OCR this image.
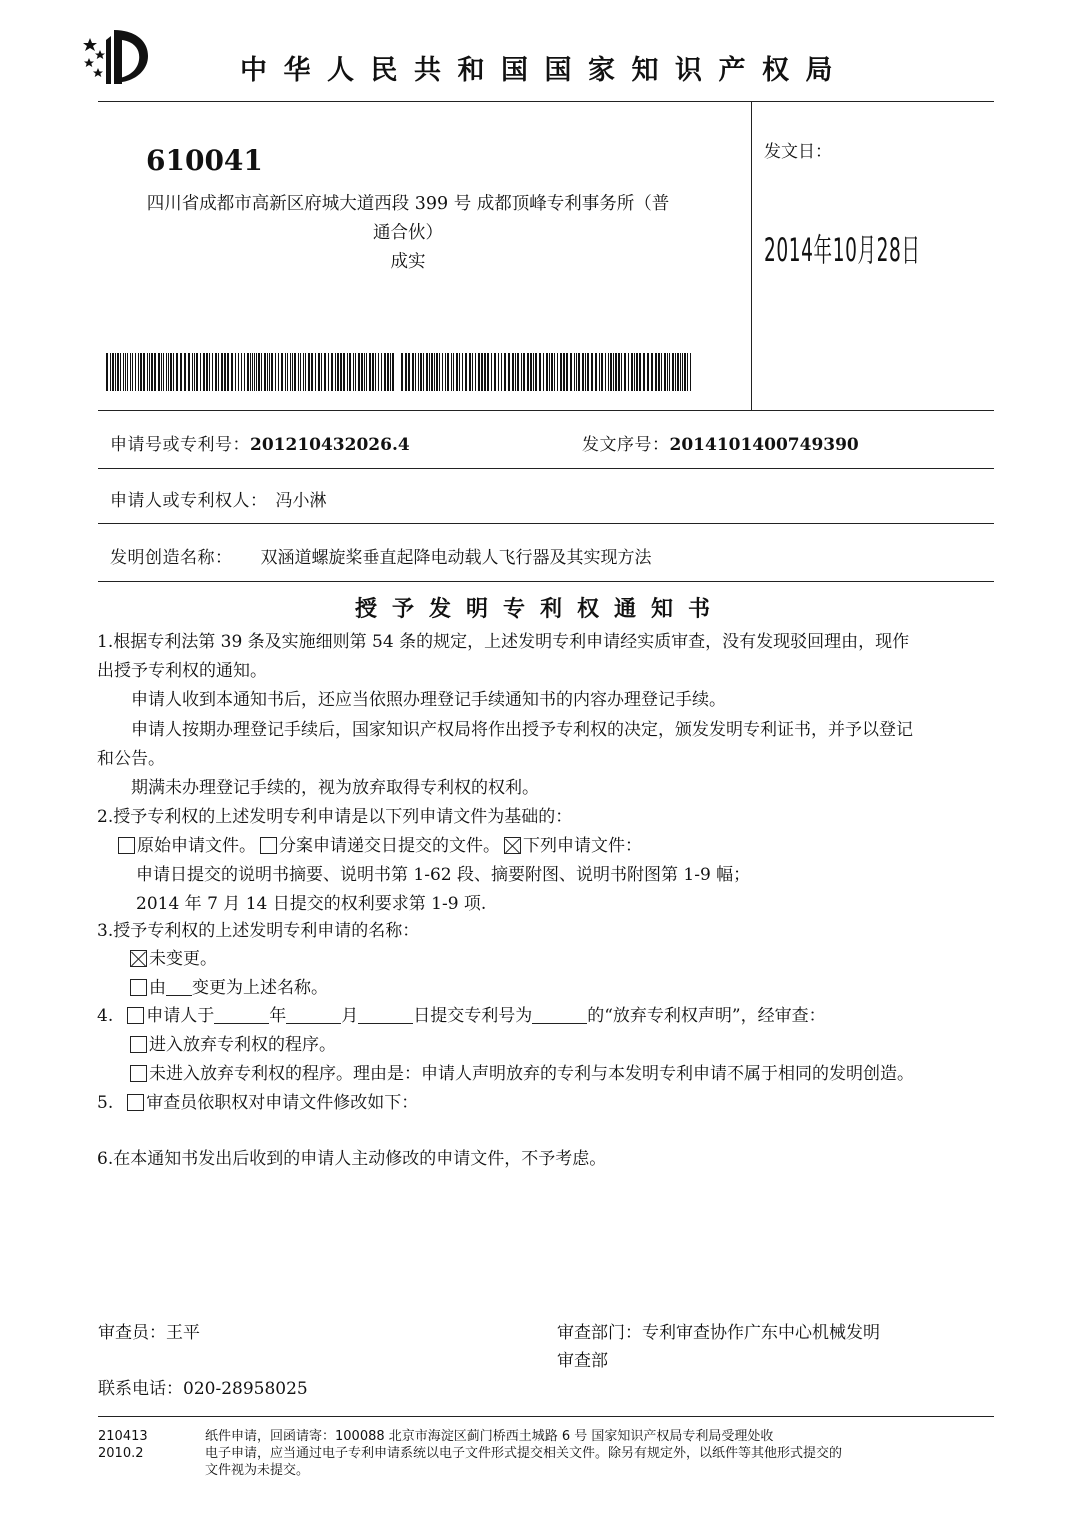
中华人民共和国国家知识产权局
610041
四川省成都市高新区府城大道西段 399 号 成都顶峰专利事务所（普
通合伙）
成实
发文日：
2014年10月28日
申请号或专利号：201210432026.4	发文序号：2014101400749390
申请人或专利权人： 冯小淋
发明创造名称： 双涵道螺旋桨垂直起降电动载人飞行器及其实现方法
授予发明专利权通知书
1.根据专利法第 39 条及实施细则第 54 条的规定，上述发明专利申请经实质审查，没有发现驳回理由，现作
出授予专利权的通知。
申请人收到本通知书后，还应当依照办理登记手续通知书的内容办理登记手续。
申请人按期办理登记手续后，国家知识产权局将作出授予专利权的决定，颁发发明专利证书，并予以登记
和公告。
期满未办理登记手续的，视为放弃取得专利权的权利。
2.授予专利权的上述发明专利申请是以下列申请文件为基础的：
原始申请文件。 分案申请递交日提交的文件。 下列申请文件：
申请日提交的说明书摘要、说明书第 1-62 段、摘要附图、说明书附图第 1-9 幅；
2014 年 7 月 14 日提交的权利要求第 1-9 项.
3.授予专利权的上述发明专利申请的名称：
未变更。
由 变更为上述名称。
4. 申请人于	年	月	日提交专利号为	的“放弃专利权声明”，经审查：
进入放弃专利权的程序。
未进入放弃专利权的程序。理由是：申请人声明放弃的专利与本发明专利申请不属于相同的发明创造。
5. 审查员依职权对申请文件修改如下：
6.在本通知书发出后收到的申请人主动修改的申请文件，不予考虑。
审查员：王平
联系电话：020-28958025
审查部门：专利审查协作广东中心机械发明
审查部
210413
2010.2
纸件申请，回函请寄：100088 北京市海淀区蓟门桥西土城路 6 号 国家知识产权局专利局受理处收
电子申请，应当通过电子专利申请系统以电子文件形式提交相关文件。除另有规定外，以纸件等其他形式提交的
文件视为未提交。
